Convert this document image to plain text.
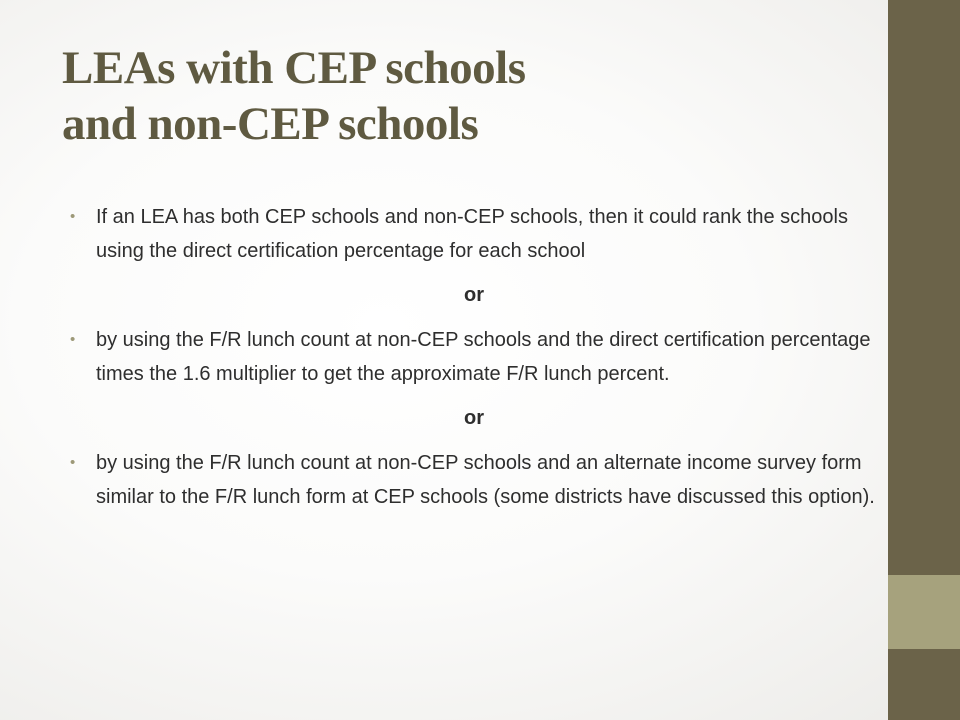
LEAs with CEP schools
and non-CEP schools
• If an LEA has both CEP schools and non-CEP schools, then it could rank the schools using the direct certification percentage for each school
or
• by using the F/R lunch count at non-CEP schools and the direct certification percentage times the 1.6 multiplier to get the approximate F/R lunch percent.
or
• by using the F/R lunch count at non-CEP schools and an alternate income survey form similar to the F/R lunch form at CEP schools (some districts have discussed this option).
